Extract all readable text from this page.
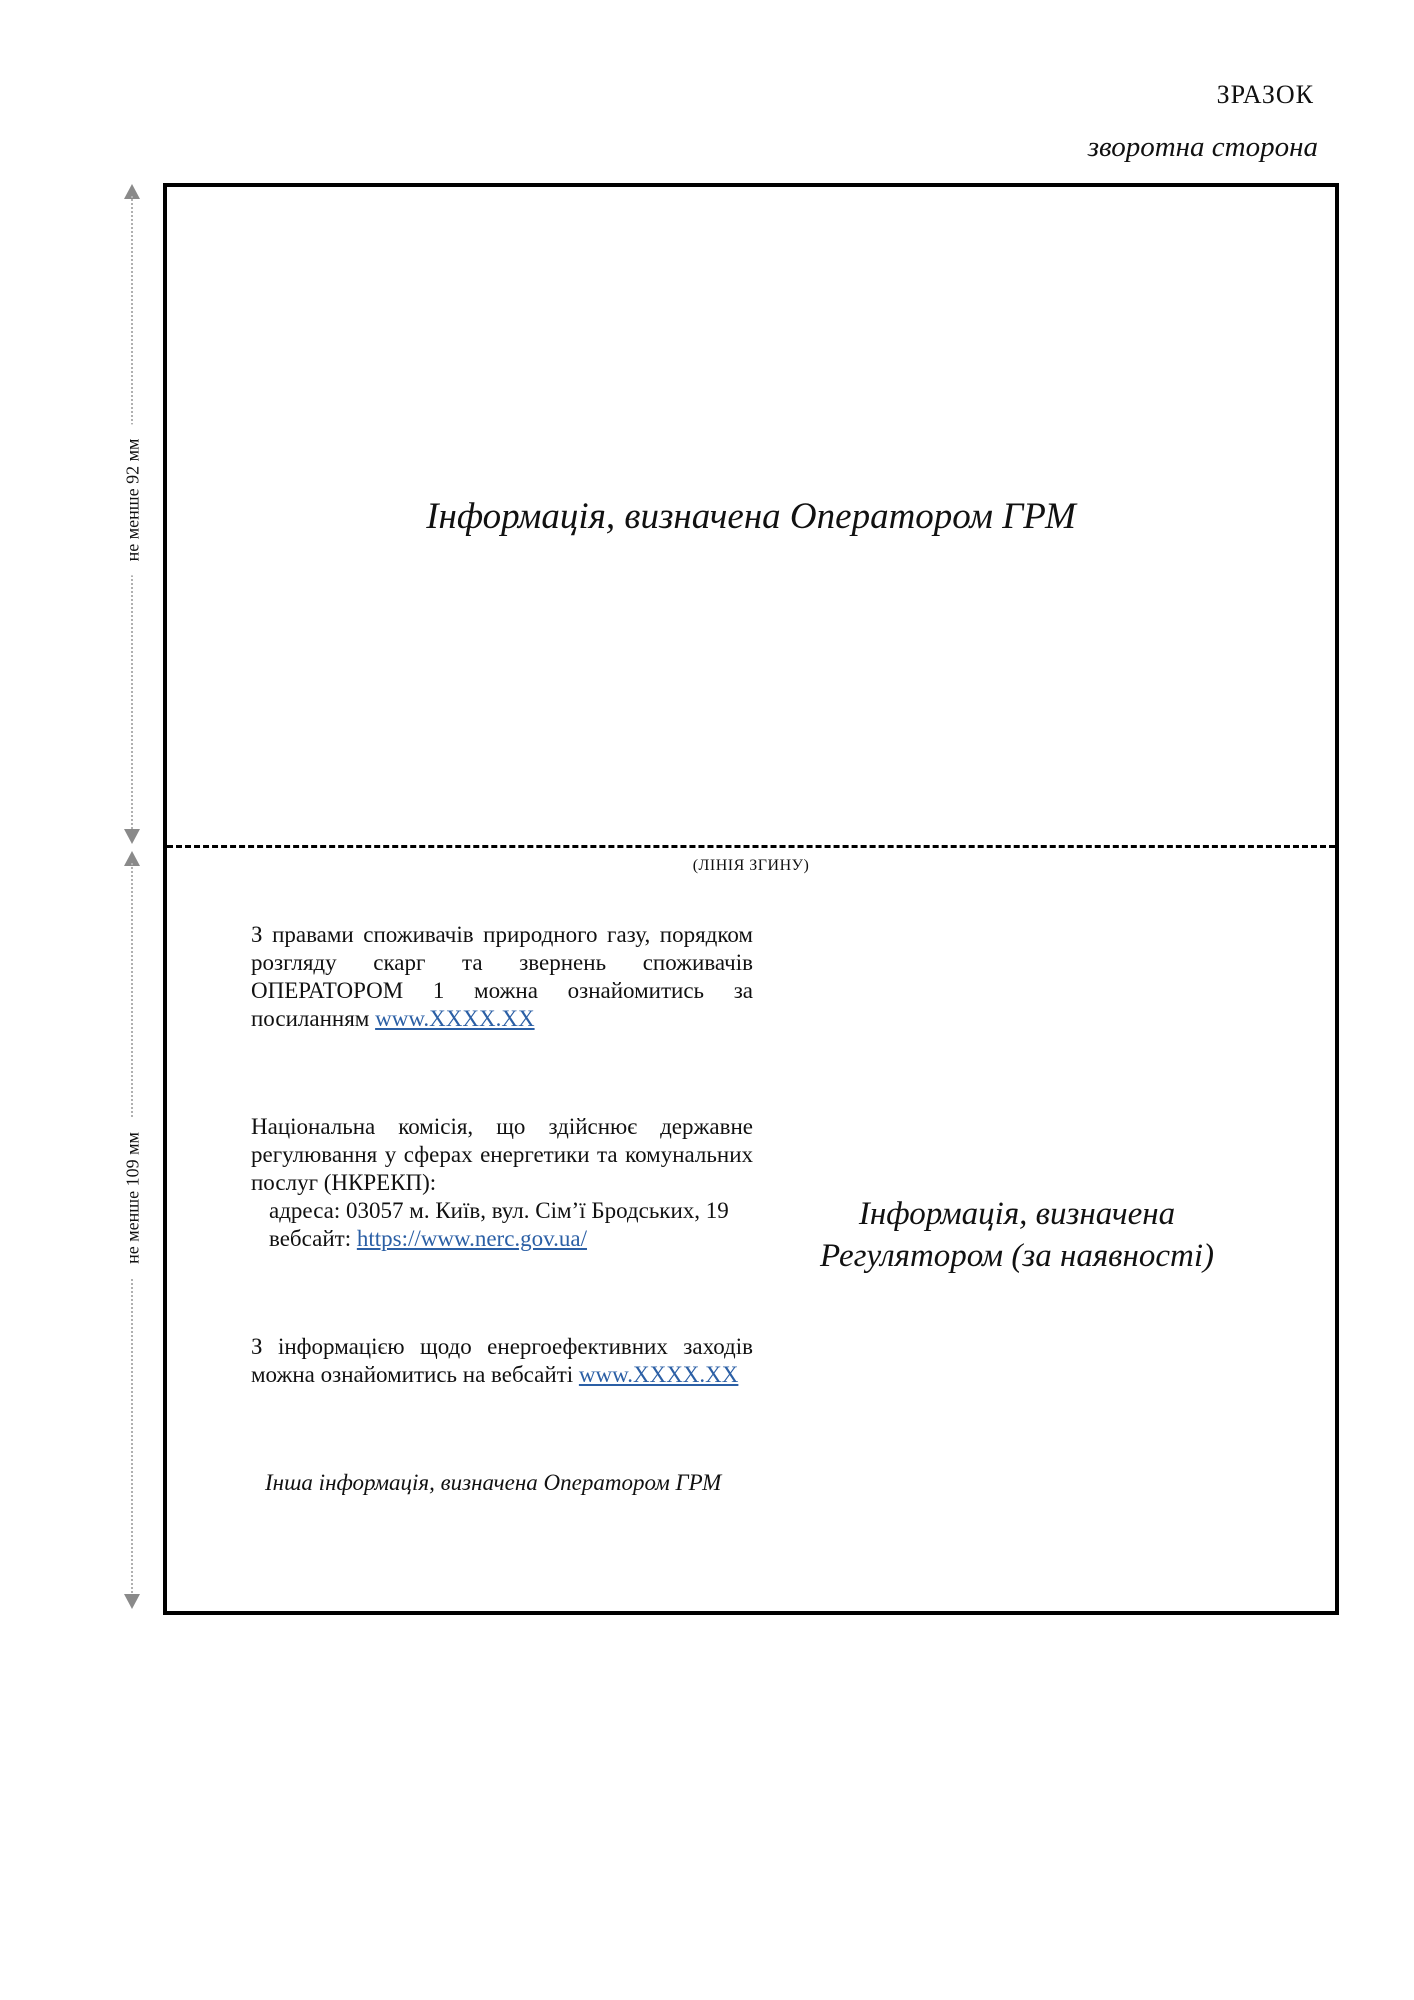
ЗРАЗОК
зворотна сторона
не менше 92 мм
не менше 109 мм
Інформація, визначена Оператором ГРМ
(ЛІНІЯ ЗГИНУ)

З правами споживачів природного газу, порядком розгляду скарг та звернень споживачів ОПЕРАТОРОМ 1 можна ознайомитись за посиланням www.XXXX.XX

Національна комісія, що здійснює державне регулювання у сферах енергетики та комунальних послуг (НКРЕКП):

адреса: 03057 м. Київ, вул. Сім’ї Бродських, 19
вебсайт: https://www.nerc.gov.ua/

З інформацією щодо енергоефективних заходів можна ознайомитись на вебсайті www.XXXX.XX

Інша інформація, визначена Оператором ГРМ
Інформація, визначена
Регулятором (за наявності)
